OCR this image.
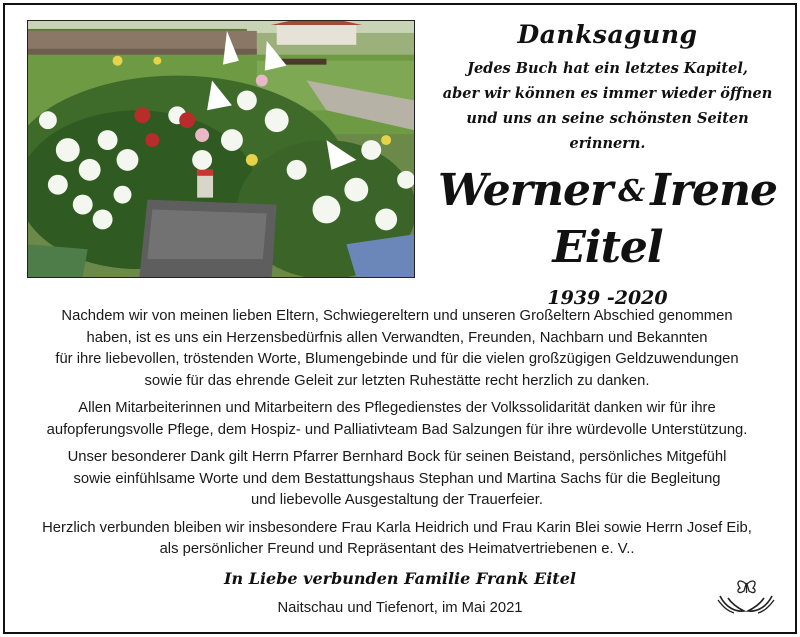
Danksagung
Jedes Buch hat ein letztes Kapitel,
aber wir können es immer wieder öffnen
und uns an seine schönsten Seiten erinnern.
Werner & Irene
Eitel
1939 -2020
Nachdem wir von meinen lieben Eltern, Schwiegereltern und unseren Großeltern Abschied genommen
haben, ist es uns ein Herzensbedürfnis allen Verwandten, Freunden, Nachbarn und Bekannten
für ihre liebevollen, tröstenden Worte, Blumengebinde und für die vielen großzügigen Geldzuwendungen
sowie für das ehrende Geleit zur letzten Ruhestätte recht herzlich zu danken.
Allen Mitarbeiterinnen und Mitarbeitern des Pflegedienstes der Volkssolidarität danken wir für ihre
aufopferungsvolle Pflege, dem Hospiz- und Palliativteam Bad Salzungen für ihre würdevolle Unterstützung.
Unser besonderer Dank gilt Herrn Pfarrer Bernhard Bock für seinen Beistand, persönliches Mitgefühl
sowie einfühlsame Worte und dem Bestattungshaus Stephan und Martina Sachs für die Begleitung
und liebevolle Ausgestaltung der Trauerfeier.
Herzlich verbunden bleiben wir insbesondere Frau Karla Heidrich und Frau Karin Blei sowie Herrn Josef Eib,
als persönlicher Freund und Repräsentant des Heimatvertriebenen e. V..
In Liebe verbunden Familie Frank Eitel
Naitschau und Tiefenort, im Mai 2021
